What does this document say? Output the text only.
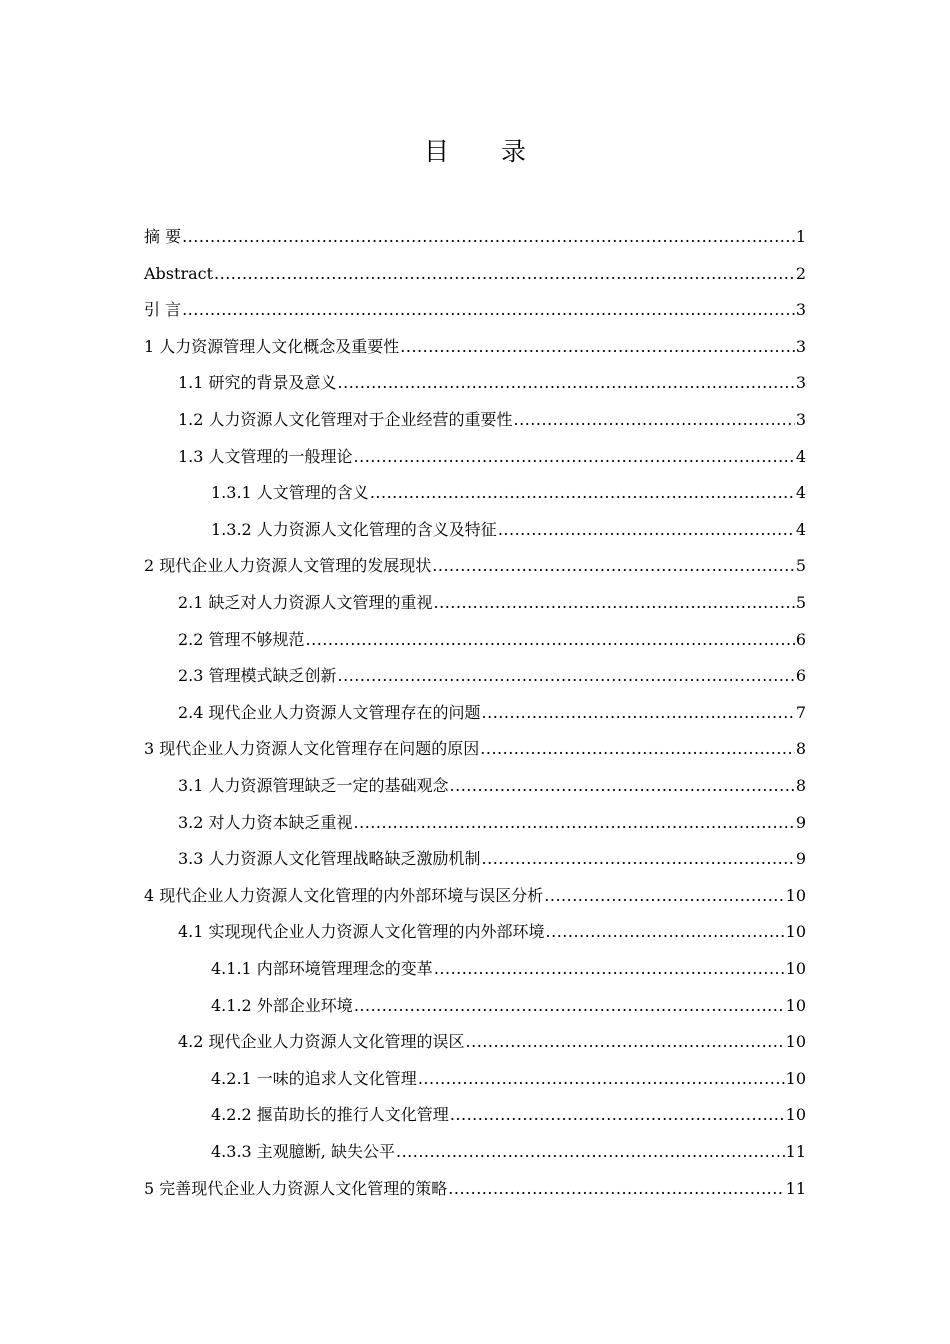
目 录
摘 要 .....	1
Abstract .....	2
引 言 .....	3
1 人力资源管理人文化概念及重要性 .....	3
1.1 研究的背景及意义 .....	3
1.2 人力资源人文化管理对于企业经营的重要性 .....	3
1.3 人文管理的一般理论 .....	4
1.3.1 人文管理的含义 .....	4
1.3.2 人力资源人文化管理的含义及特征 .....	4
2 现代企业人力资源人文管理的发展现状 .....	5
2.1 缺乏对人力资源人文管理的重视 .....	5
2.2 管理不够规范 .....	6
2.3 管理模式缺乏创新 .....	6
2.4 现代企业人力资源人文管理存在的问题 .....	7
3 现代企业人力资源人文化管理存在问题的原因 .....	8
3.1 人力资源管理缺乏一定的基础观念 .....	8
3.2 对人力资本缺乏重视 .....	9
3.3 人力资源人文化管理战略缺乏激励机制 .....	9
4 现代企业人力资源人文化管理的内外部环境与误区分析 .....	10
4.1 实现现代企业人力资源人文化管理的内外部环境 .....	10
4.1.1 内部环境管理理念的变革 .....	10
4.1.2 外部企业环境 .....	10
4.2 现代企业人力资源人文化管理的误区 .....	10
4.2.1 一味的追求人文化管理 .....	10
4.2.2 揠苗助长的推行人文化管理 .....	10
4.3.3 主观臆断, 缺失公平 .....	11
5 完善现代企业人力资源人文化管理的策略 .....	11
